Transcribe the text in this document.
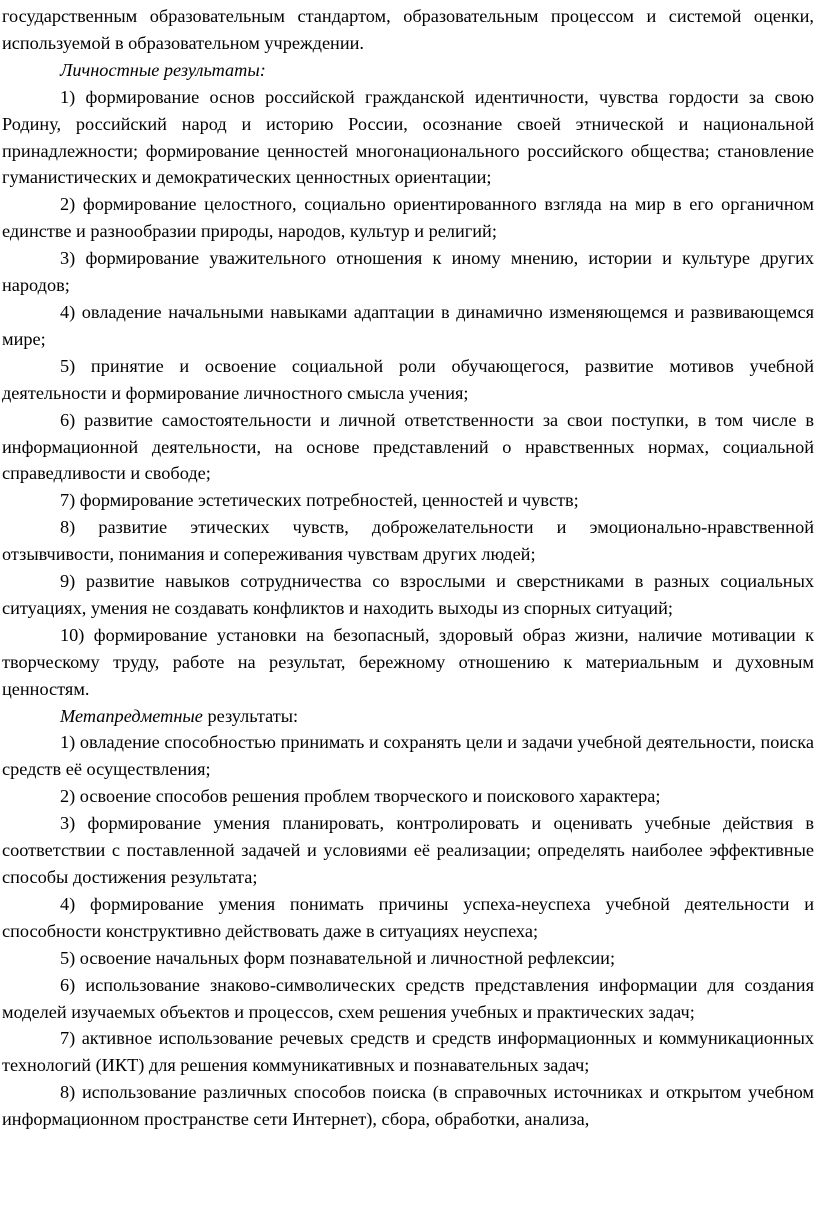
государственным образовательным стандартом, образовательным процессом и системой оценки, используемой в образовательном учреждении.

Личностные результаты:

1) формирование основ российской гражданской идентичности, чувства гордости за свою Родину, российский народ и историю России, осознание своей этнической и национальной принадлежности; формирование ценностей многонационального российского общества; становление гуманистических и демократических ценностных ориентации;

2) формирование целостного, социально ориентированного взгляда на мир в его органичном единстве и разнообразии природы, народов, культур и религий;

3) формирование уважительного отношения к иному мнению, истории и культуре других народов;

4) овладение начальными навыками адаптации в динамично изменяющемся и развивающемся мире;

5) принятие и освоение социальной роли обучающегося, развитие мотивов учебной деятельности и формирование личностного смысла учения;

6) развитие самостоятельности и личной ответственности за свои поступки, в том числе в информационной деятельности, на основе представлений о нравственных нормах, социальной справедливости и свободе;

7) формирование эстетических потребностей, ценностей и чувств;

8) развитие этических чувств, доброжелательности и эмоционально-нравственной отзывчивости, понимания и сопереживания чувствам других людей;

9) развитие навыков сотрудничества со взрослыми и сверстниками в разных социальных ситуациях, умения не создавать конфликтов и находить выходы из спорных ситуаций;

10) формирование установки на безопасный, здоровый образ жизни, наличие мотивации к творческому труду, работе на результат, бережному отношению к материальным и духовным ценностям.

Метапредметные результаты:

1) овладение способностью принимать и сохранять цели и задачи учебной деятельности, поиска средств её осуществления;

2) освоение способов решения проблем творческого и поискового характера;

3) формирование умения планировать, контролировать и оценивать учебные действия в соответствии с поставленной задачей и условиями её реализации; определять наиболее эффективные способы достижения результата;

4) формирование умения понимать причины успеха-неуспеха учебной деятельности и способности конструктивно действовать даже в ситуациях неуспеха;

5) освоение начальных форм познавательной и личностной рефлексии;

6) использование знаково-символических средств представления информации для создания моделей изучаемых объектов и процессов, схем решения учебных и практических задач;

7) активное использование речевых средств и средств информационных и коммуникационных технологий (ИКТ) для решения коммуникативных и познавательных задач;

8) использование различных способов поиска (в справочных источниках и открытом учебном информационном пространстве сети Интернет), сбора, обработки, анализа,
